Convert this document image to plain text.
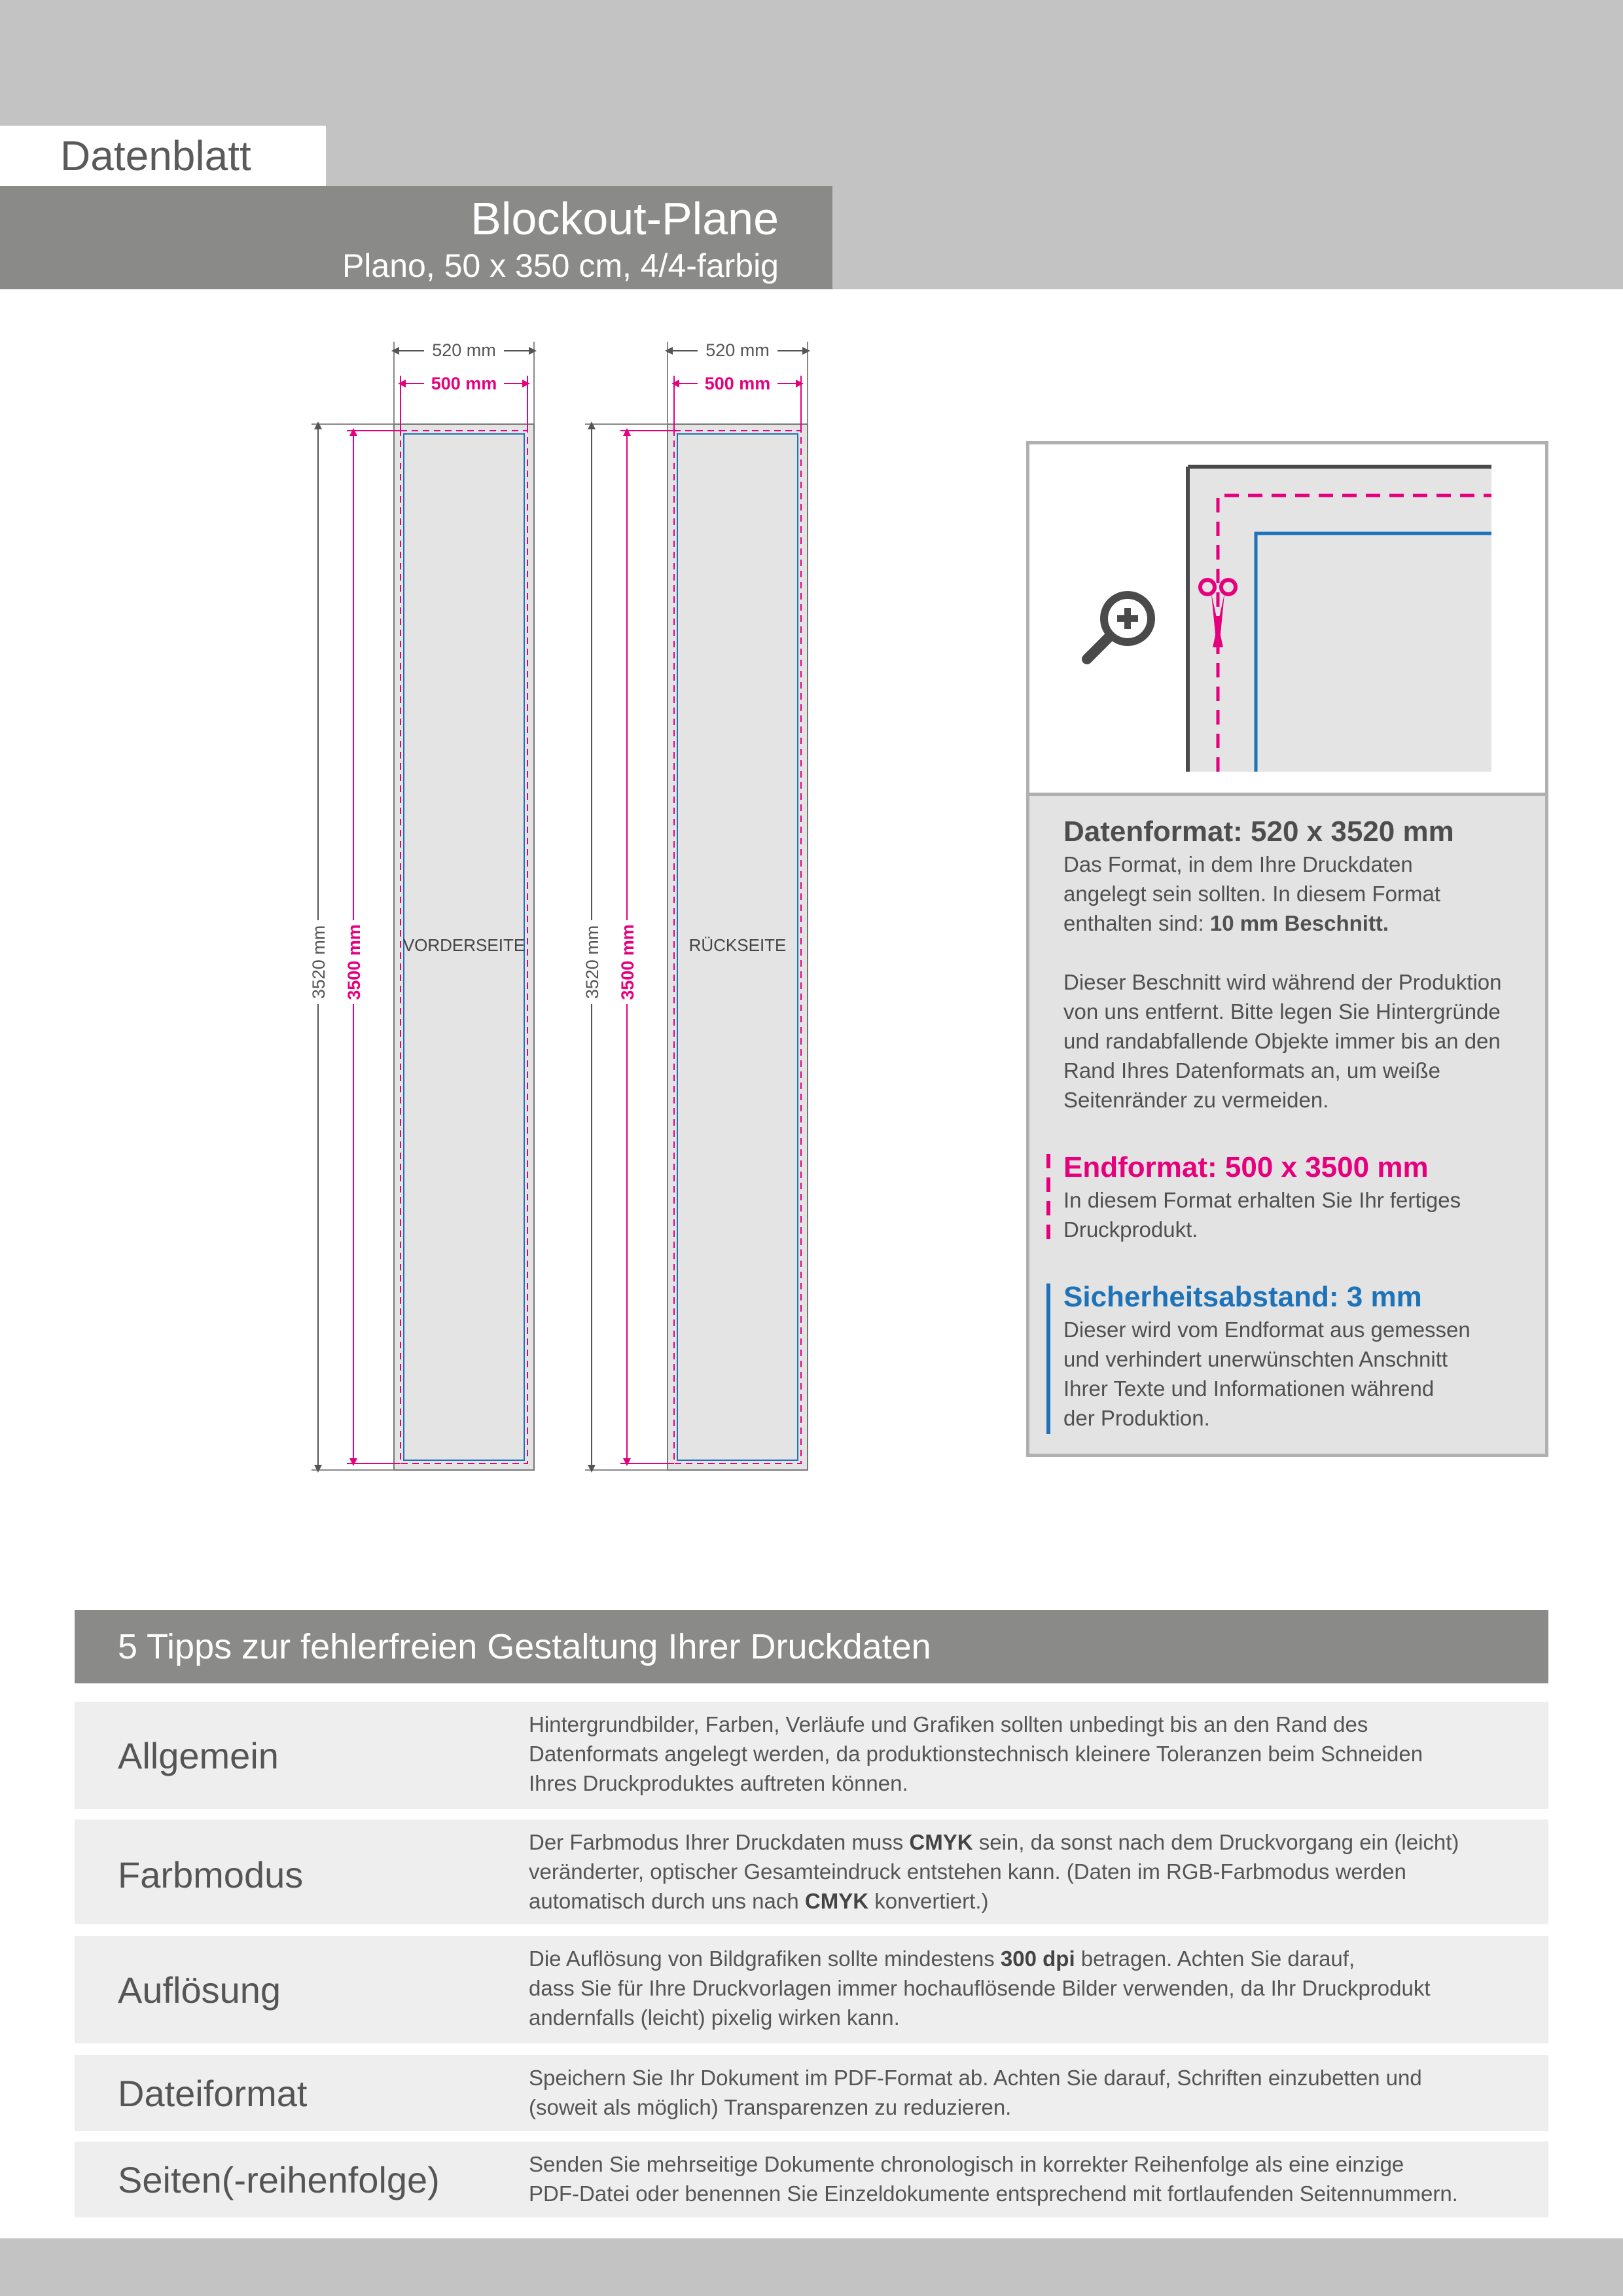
Datenblatt
Blockout-Plane
Plano, 50 x 350 cm, 4/4-farbig
520 mm
500 mm
3520 mm 3500 mm VORDERSEITE
520 mm
500 mm
3520 mm 3500 mm	RÜCKSEITE
Datenformat: 520 x 3520 mm
Das Format, in dem Ihre Druckdaten
angelegt sein sollten. In diesem Format
enthalten sind: 10 mm Beschnitt.
Dieser Beschnitt wird während der Produktion
von uns entfernt. Bitte legen Sie Hintergründe
und randabfallende Objekte immer bis an den
Rand Ihres Datenformats an, um weiße
Seitenränder zu vermeiden.
Endformat: 500 x 3500 mm
In diesem Format erhalten Sie Ihr fertiges
Druckprodukt.
Sicherheitsabstand: 3 mm
Dieser wird vom Endformat aus gemessen
und verhindert unerwünschten Anschnitt
Ihrer Texte und Informationen während
der Produktion.
5 Tipps zur fehlerfreien Gestaltung Ihrer Druckdaten
Allgemein
Hintergrundbilder, Farben, Verläufe und Grafiken sollten unbedingt bis an den Rand des
Datenformats angelegt werden, da produktionstechnisch kleinere Toleranzen beim Schneiden
Ihres Druckproduktes auftreten können.
Farbmodus
Der Farbmodus Ihrer Druckdaten muss CMYK sein, da sonst nach dem Druckvorgang ein (leicht)
veränderter, optischer Gesamteindruck entstehen kann. (Daten im RGB-Farbmodus werden
automatisch durch uns nach CMYK konvertiert.)
Auflösung
Die Auflösung von Bildgrafiken sollte mindestens 300 dpi betragen. Achten Sie darauf,
dass Sie für Ihre Druckvorlagen immer hochauflösende Bilder verwenden, da Ihr Druckprodukt
andernfalls (leicht) pixelig wirken kann.
Dateiformat	Speichern Sie Ihr Dokument im PDF-Format ab. Achten Sie darauf, Schriften einzubetten und
(soweit als möglich) Transparenzen zu reduzieren.
Seiten(-reihenfolge)	Senden Sie mehrseitige Dokumente chronologisch in korrekter Reihenfolge als eine einzige
PDF-Datei oder benennen Sie Einzeldokumente entsprechend mit fortlaufenden Seitennummern.
